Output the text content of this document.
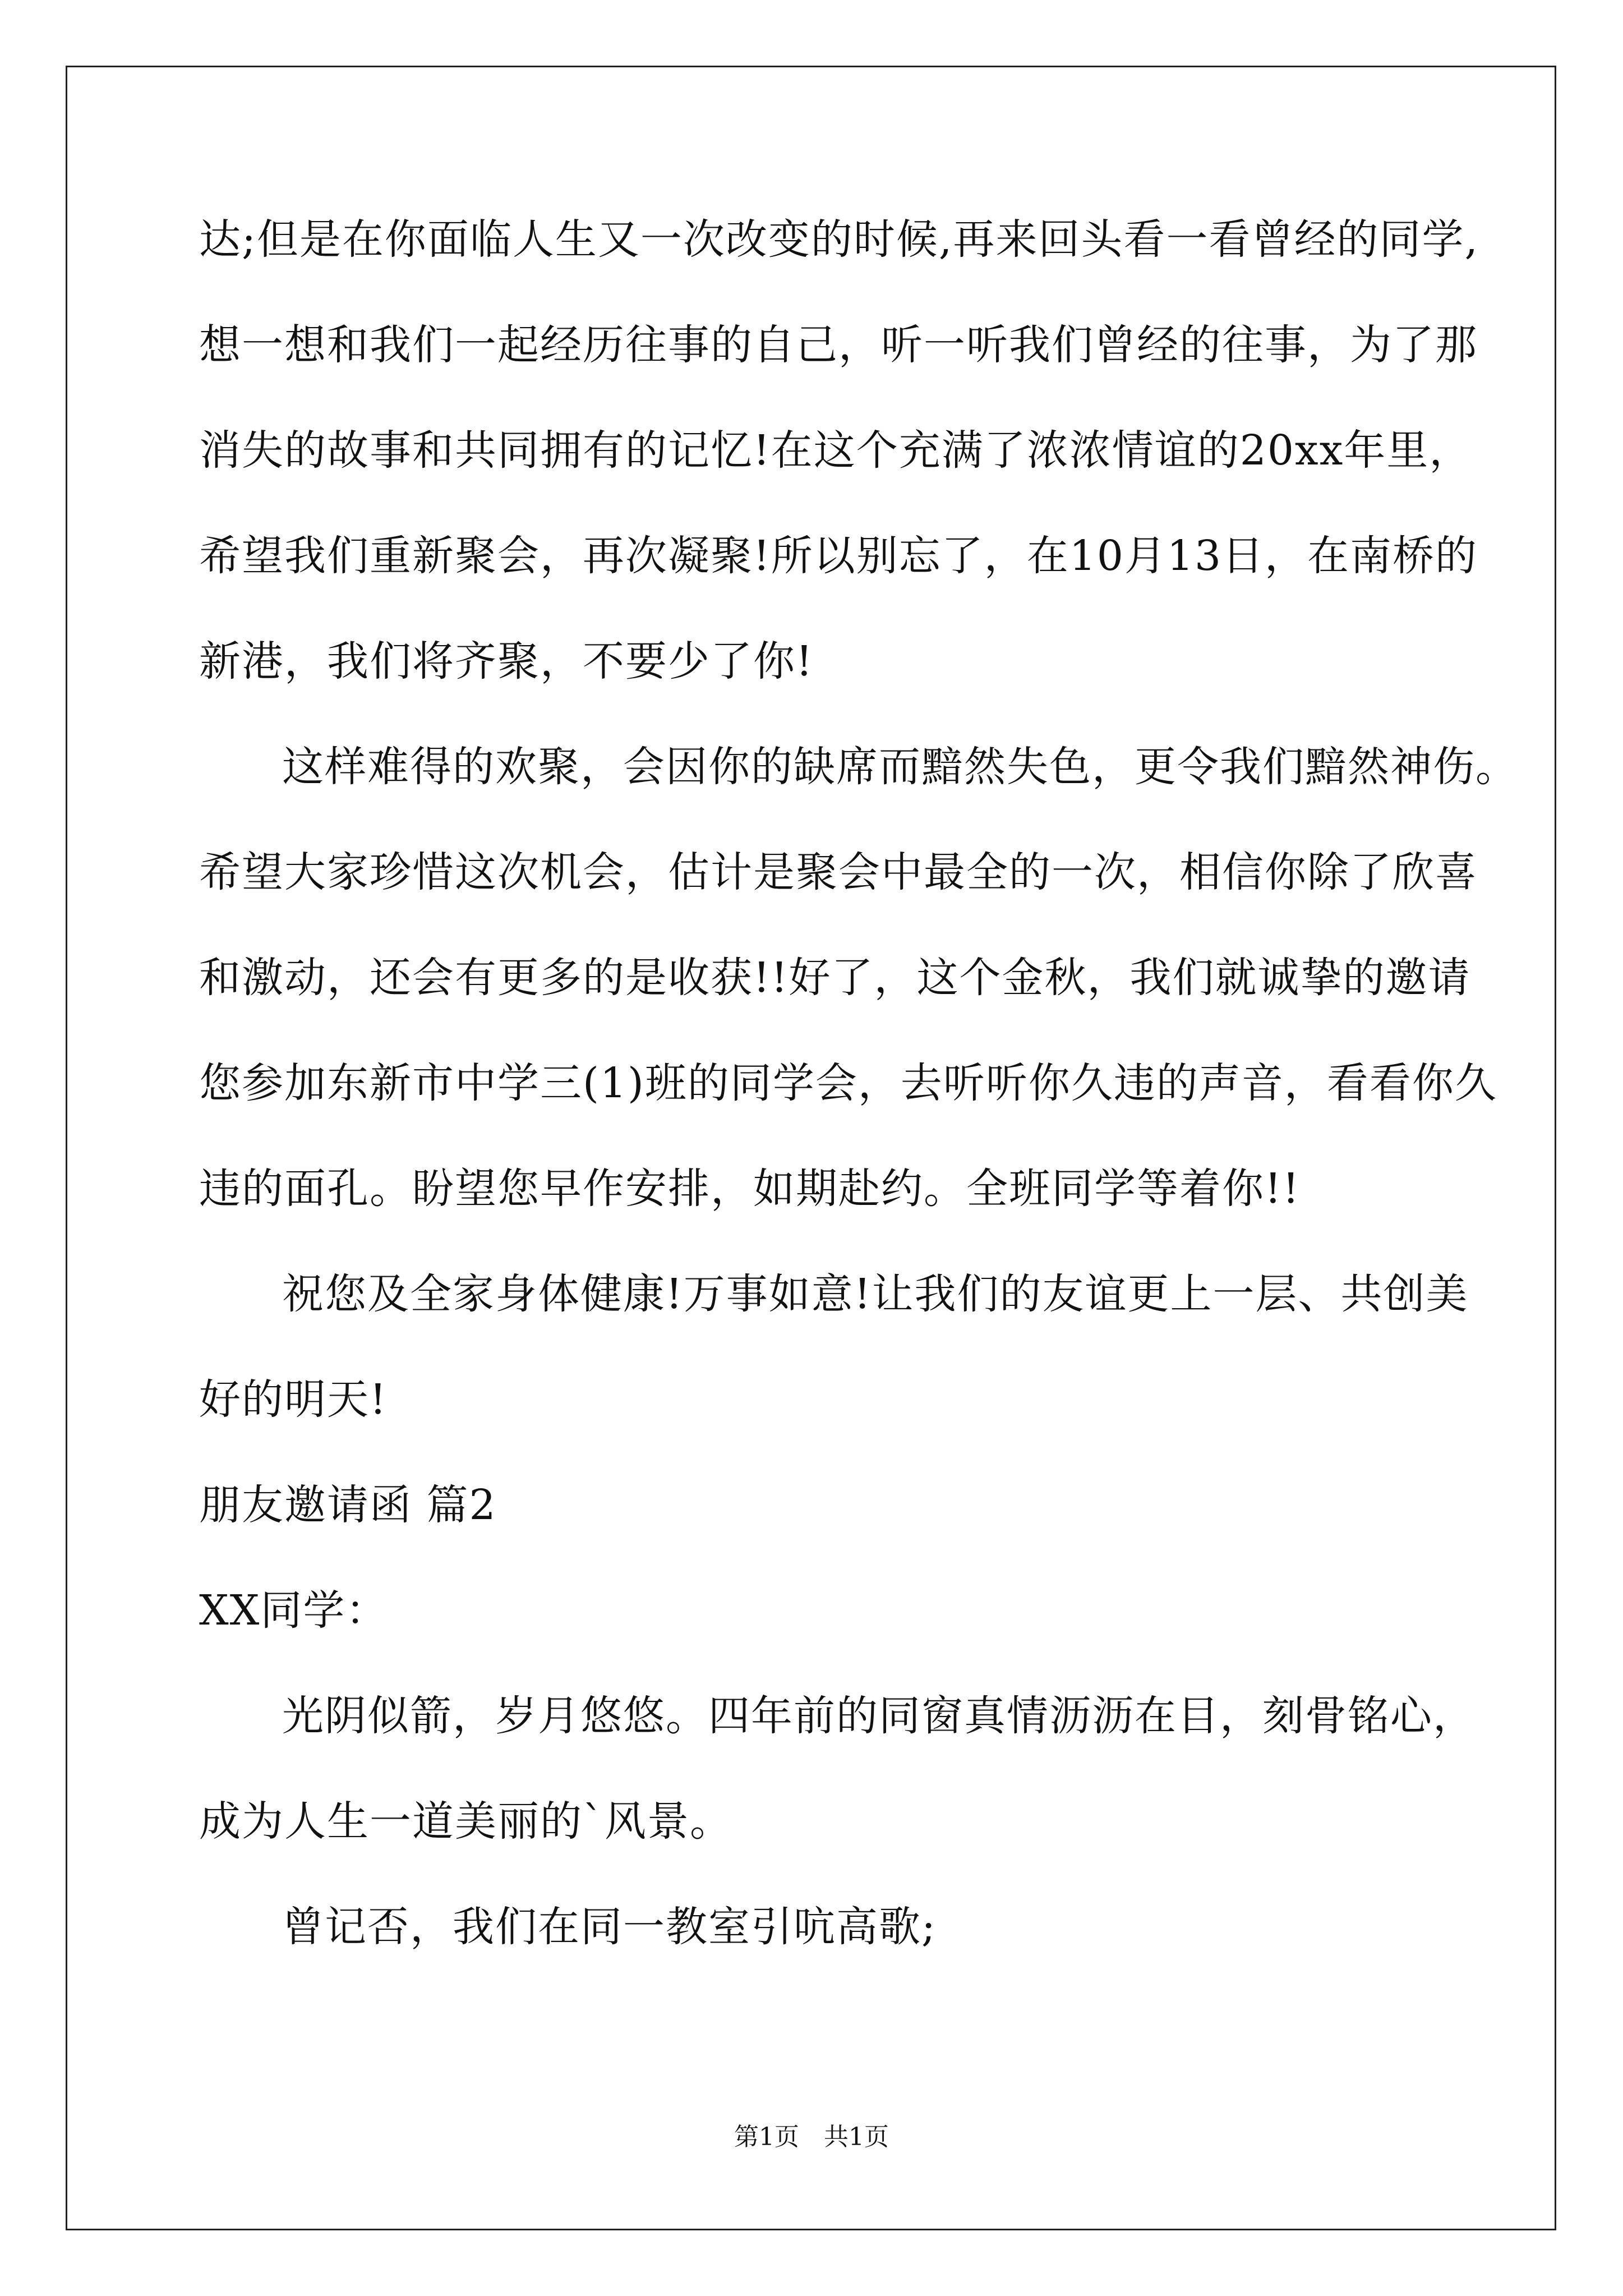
达;但是在你面临人生又一次改变的时候,再来回头看一看曾经的同学,
想一想和我们一起经历往事的自己，听一听我们曾经的往事，为了那
消失的故事和共同拥有的记忆!在这个充满了浓浓情谊的20xx年里，
希望我们重新聚会，再次凝聚!所以别忘了，在10月13日，在南桥的
新港，我们将齐聚，不要少了你!
这样难得的欢聚，会因你的缺席而黯然失色，更令我们黯然神伤。
希望大家珍惜这次机会，估计是聚会中最全的一次，相信你除了欣喜
和激动，还会有更多的是收获!!好了，这个金秋，我们就诚挚的邀请
您参加东新市中学三(1)班的同学会，去听听你久违的声音，看看你久
违的面孔。盼望您早作安排，如期赴约。全班同学等着你!!
祝您及全家身体健康!万事如意!让我们的友谊更上一层、共创美
好的明天!
朋友邀请函 篇2
XX同学：
光阴似箭，岁月悠悠。四年前的同窗真情沥沥在目，刻骨铭心，
成为人生一道美丽的`风景。
曾记否，我们在同一教室引吭高歌;
第1页　共1页
